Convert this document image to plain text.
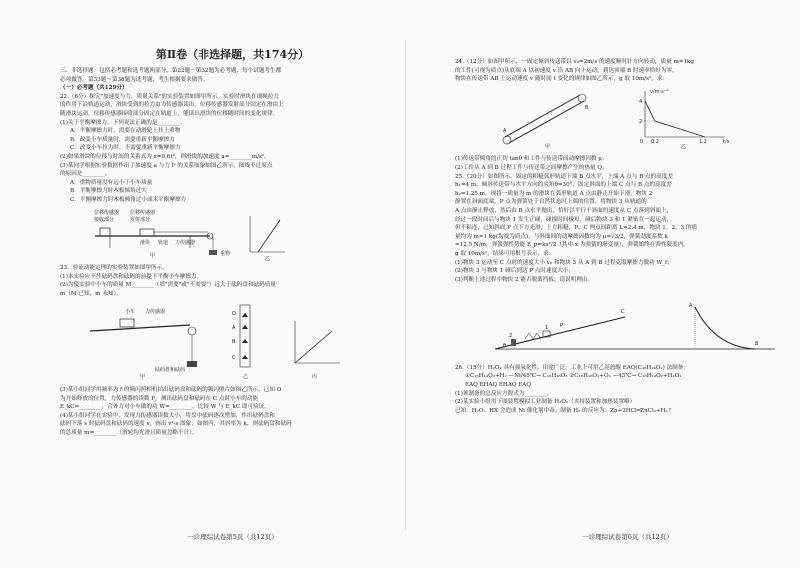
第Ⅱ卷（非选择题，共174分）

三、非选择题：包括必考题和选考题两部分。第22题～第32题为必考题，每个试题考生都

必须做答。第33题～第38题为选考题，考生根据要求做答。

（一）必考题（共129分）

22.（6分）探究"加速度与力、质量关系"的实验装置如图甲所示。实验时滑块在细绳拉力

的作用下沿轨道运动，滑块受到的拉力由力传感器读出，位移传感器发射部分固定在滑块上

随滑块运动，位移传感器接收部分固定在轨道上，能读出滑块的位移随时间的变化规律。

(1)关于平衡摩擦力，下列说法正确的是________。

A．平衡摩擦力时，需要在动滑轮上挂上重物

B．改变小车质量时，需要重新平衡摩擦力

C．改变小车拉力时，不需要重新平衡摩擦力

(2)如果滑块的位移与时间的关系式为 x=0.6t²，则滑块的加速度 a=________m/s²。

(3)某同学根据实验数据作出了加速度 a 与力 F 的关系图象如图乙所示，图线不过原点

的原因是________。

A．重物质量没有远小于小车质量

B．平衡摩擦力时木板倾角过大

C．平衡摩擦力时木板倾角过小或未平衡摩擦力

位移传感器 位移传感器
接收部分	发射部分
滑块 轨道 力传感器
重物
甲	乙

23．验证动能定理的实验装置如图甲所示。

(1)本实验应不挂砝码盘和砝码的前提下平衡小车摩擦力。

(2)为使实验中小车的质量 M________（填"需要"或"不需要"）远大于砝码盘和砝码质量

m（M 已知，m 未知）。

小车 力传感器
砝码盘和砝码
甲
O
A
B
C
乙	丙

(3)某小组同学用频率为 f 的频闪照相机拍出砝码盘和砝码的频闪照片如图乙所示，已知 O

为开始释放的位置，力传感器的读数 F，测出砝码盘和砝码在 C 点时小车的动能

E_kC=________，合外力对小车做的功 W=________，比较 W 与 E_kC 即可验证。

(4)某小组同学在实验中，发现力传感器读数大小，将盘中砝码逐次增加，作出砝码盘和

砝码下落 s 时砝码盘和砝码的速度 v，画出 v²-s 图象，如图丙，其斜率为 k，则砝码盘和砝码

的总质量 m=________（滑轮均光滑且质量忽略不计）。

一诊理综试卷第5页（共12页）

24.（12分）如图甲所示，一固定倾斜传送带以 v₀=2m/s 的速度顺时针方向转动，质量 m=1kg

的工件(可视为质点)从底端 A 以初速度 v 沿 AB 向上运动，到达顶端 B 时速率恰好为零。

物块在传送带 AB 上运动速度 v 随时间 t 变化的规律如图乙所示，g 取 10m/s²，求：

A
B
甲
v/m·s⁻¹
4
2
0 0.2	1.2	t/s
乙

(1)传送带倾角的正切 tanθ 和工件与传送带间动摩擦因数 μ；

(2)工件从 A 到 B 过程工件与传送带之间摩擦产生的热量 Q。

25.（20分）如图所示，固定的粗糙弧形轨道下端 B 点水平，上端 A 点与 B 点的高度差

h₁=4 m，倾斜传送带与水平方向的夹角θ=30°，固定斜面的上端 C 点与 B 点的高度差

h₂=1.25 m。现将一质量为 m 的滑块在弧形轨道 A 点由静止开始下滑，物块 2

静置在斜面底端，P 点为弹簧处于自然状态时上端的位置。将物块 3 从轨道的

A 点由静止释放，然后由 B 点水平抛出，恰好以平行于斜面的速度从 C 点落到斜面上，

经过一段时间后与物块 1 发生正碰，碰撞时间极短，碰后物块 3 和 1 紧贴在一起运动，

但不粘连，已知斜面 P 点下方光滑，上方粗糙，P、C 两点间距离 L=2.4 m，物块 1、2、3 的质

量均为 m=1 kg(均视为质点)，与斜面间的动摩擦因数均为 μ=√3/2，弹簧劲度系数 k

=12.5 N/m，弹簧弹性势能 E_p=kx²/2（其中 x 为弹簧的形变量），弹簧始终在弹性限度内。

g 取 10m/s²，结果可用根号表示，求：

(1)物块 3 运动至 C 点时的速度大小 v₀ 和物块 3 从 A 到 B 过程克服摩擦力做功 W_f；

(2)物块 3 与物块 1 碰后到达 P 点时速度大小；

(3)判断上述过程中物块 2 能否脱离挡板，请说明理由。

1
2
P
C
θ
A
B

26.（15分）H₂O₂ 具有强氧化性，用途广泛，工业上可用乙基蒽醌 EAQ(C₁₆H₁₄O₂) 法制备：

①C₁₆H₁₄O₂+H₂ —Ni/45℃→ C₁₆H₁₆O₂ ②C₁₆H₁₆O₂+O₂ —45℃→ C₁₆H₁₄O₂+H₂O₂

EAQ EHAQ EHAQ EAQ

(1)该制备的总反应方程式为________。

(2)某实验小组用下图装置模拟工业制备 H₂O₂（夹持装置和加热装置略）

已知：H₂O、HX 会造成 Ni 催化剂中毒；制备 H₂ 的反应为：Zn+2HCl═ZnCl₂+H₂↑

一诊理综试卷第6页（共12页）
